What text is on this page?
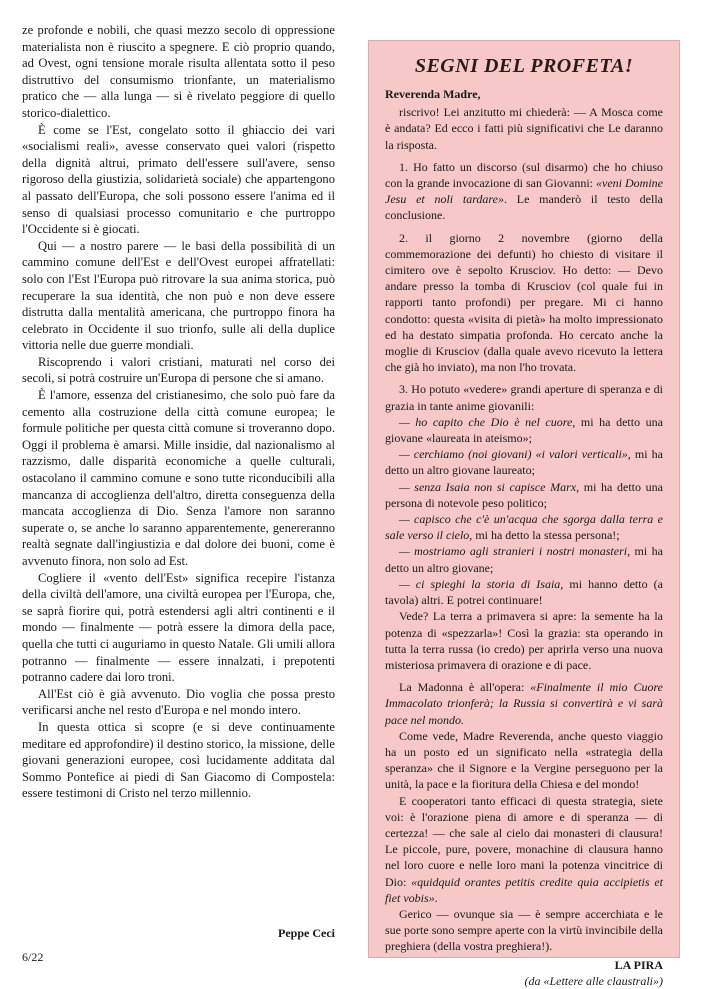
ze profonde e nobili, che quasi mezzo secolo di oppressione materialista non è riuscito a spegnere. E ciò proprio quando, ad Ovest, ogni tensione morale risulta allentata sotto il peso distruttivo del consumismo trionfante, un materialismo pratico che — alla lunga — si è rivelato peggiore di quello storico-dialettico.

È come se l'Est, congelato sotto il ghiaccio dei vari «socialismi reali», avesse conservato quei valori (rispetto della dignità altrui, primato dell'essere sull'avere, senso rigoroso della giustizia, solidarietà sociale) che appartengono al passato dell'Europa, che soli possono essere l'anima ed il senso di qualsiasi processo comunitario e che purtroppo l'Occidente si è giocati.

Qui — a nostro parere — le basi della possibilità di un cammino comune dell'Est e dell'Ovest europei affratellati: solo con l'Est l'Europa può ritrovare la sua anima storica, può recuperare la sua identità, che non può e non deve essere distrutta dalla mentalità americana, che purtroppo finora ha celebrato in Occidente il suo trionfo, sulle ali della duplice vittoria nelle due guerre mondiali.

Riscoprendo i valori cristiani, maturati nel corso dei secoli, si potrà costruire un'Europa di persone che si amano.

È l'amore, essenza del cristianesimo, che solo può fare da cemento alla costruzione della città comune europea; le formule politiche per questa città comune si troveranno dopo. Oggi il problema è amarsi. Mille insidie, dal nazionalismo al razzismo, dalle disparità economiche a quelle culturali, ostacolano il cammino comune e sono tutte riconducibili alla mancanza di accoglienza dell'altro, diretta conseguenza della mancata accoglienza di Dio. Senza l'amore non saranno superate o, se anche lo saranno apparentemente, genereranno realtà segnate dall'ingiustizia e dal dolore dei buoni, come è avvenuto finora, non solo ad Est.

Cogliere il «vento dell'Est» significa recepire l'istanza della civiltà dell'amore, una civiltà europea per l'Europa, che, se saprà fiorire qui, potrà estendersi agli altri continenti e il mondo — finalmente — potrà essere la dimora della pace, quella che tutti ci auguriamo in questo Natale. Gli umili allora potranno — finalmente — essere innalzati, i prepotenti potranno cadere dai loro troni.

All'Est ciò è già avvenuto. Dio voglia che possa presto verificarsi anche nel resto d'Europa e nel mondo intero.

In questa ottica si scopre (e si deve continuamente meditare ed approfondire) il destino storico, la missione, delle giovani generazioni europee, così lucidamente additata dal Sommo Pontefice ai piedi di San Giacomo di Compostela: essere testimoni di Cristo nel terzo millennio.

Peppe Ceci
6/22
SEGNI DEL PROFETA!

Reverenda Madre,

riscrivo! Lei anzitutto mi chiederà: — A Mosca come è andata? Ed ecco i fatti più significativi che Le daranno la risposta.

1. Ho fatto un discorso (sul disarmo) che ho chiuso con la grande invocazione di san Giovanni: «veni Domine Jesu et noli tardare». Le manderò il testo della conclusione.

2. il giorno 2 novembre (giorno della commemorazione dei defunti) ho chiesto di visitare il cimitero ove è sepolto Krusciov. Ho detto: — Devo andare presso la tomba di Krusciov (col quale fui in rapporti tanto profondi) per pregare. Mi ci hanno condotto: questa «visita di pietà» ha molto impressionato ed ha destato simpatia profonda. Ho cercato anche la moglie di Krusciov (dalla quale avevo ricevuto la lettera che già ho inviato), ma non l'ho trovata.

3. Ho potuto «vedere» grandi aperture di speranza e di grazia in tante anime giovanili:

— ho capito che Dio è nel cuore, mi ha detto una giovane «laureata in ateismo»;

— cerchiamo (noi giovani) «i valori verticali», mi ha detto un altro giovane laureato;

— senza Isaia non si capisce Marx, mi ha detto una persona di notevole peso politico;

— capisco che c'è un'acqua che sgorga dalla terra e sale verso il cielo, mi ha detto la stessa persona!;

— mostriamo agli stranieri i nostri monasteri, mi ha detto un altro giovane;

— ci spieghi la storia di Isaia, mi hanno detto (a tavola) altri. E potrei continuare!

Vede? La terra a primavera si apre: la semente ha la potenza di «spezzarla»! Così la grazia: sta operando in tutta la terra russa (io credo) per aprirla verso una nuova misteriosa primavera di orazione e di pace.

La Madonna è all'opera: «Finalmente il mio Cuore Immacolato trionferà; la Russia si convertirà e vi sarà pace nel mondo.

Come vede, Madre Reverenda, anche questo viaggio ha un posto ed un significato nella «strategia della speranza» che il Signore e la Vergine perseguono per la unità, la pace e la fioritura della Chiesa e del mondo!

E cooperatori tanto efficaci di questa strategia, siete voi: è l'orazione piena di amore e di speranza — di certezza! — che sale al cielo dai monasteri di clausura! Le piccole, pure, povere, monachine di clausura hanno nel loro cuore e nelle loro mani la potenza vincitrice di Dio: «quidquid orantes petitis credite quia accipietis et fiet vobis».

Gerico — ovunque sia — è sempre accerchiata e le sue porte sono sempre aperte con la virtù invincibile della preghiera (della vostra preghiera!).

LA PIRA

(da «Lettere alle claustrali»)
